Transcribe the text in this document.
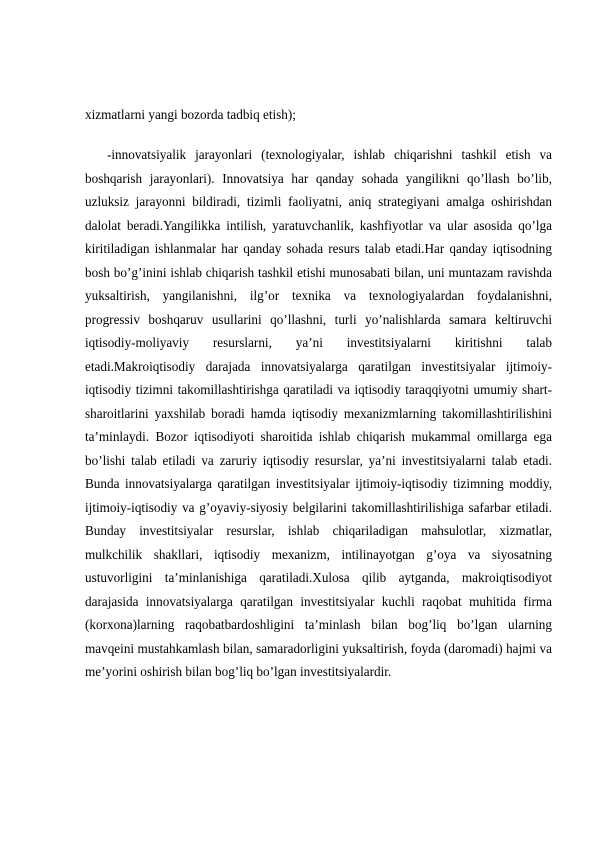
xizmatlarni yangi bozorda tadbiq etish);

-innovatsiyalik jarayonlari (texnologiyalar, ishlab chiqarishni tashkil etish va boshqarish jarayonlari). Innovatsiya har qanday sohada yangilikni qo’llash bo’lib, uzluksiz jarayonni bildiradi, tizimli faoliyatni, aniq strategiyani amalga oshirishdan dalolat beradi.Yangilikka intilish, yaratuvchanlik, kashfiyotlar va ular asosida qo’lga kiritiladigan ishlanmalar har qanday sohada resurs talab etadi.Har qanday iqtisodning bosh bo’g’inini ishlab chiqarish tashkil etishi munosabati bilan, uni muntazam ravishda yuksaltirish, yangilanishni, ilg’or texnika va texnologiyalardan foydalanishni, progressiv boshqaruv usullarini qo’llashni, turli yo’nalishlarda samara keltiruvchi iqtisodiy-moliyaviy resurslarni, ya’ni investitsiyalarni kiritishni talab etadi.Makroiqtisodiy darajada innovatsiyalarga qaratilgan investitsiyalar ijtimoiy-iqtisodiy tizimni takomillashtirishga qaratiladi va iqtisodiy taraqqiyotni umumiy shart-sharoitlarini yaxshilab boradi hamda iqtisodiy mexanizmlarning takomillashtirilishini ta’minlaydi. Bozor iqtisodiyoti sharoitida ishlab chiqarish mukammal omillarga ega bo’lishi talab etiladi va zaruriy iqtisodiy resurslar, ya’ni investitsiyalarni talab etadi. Bunda innovatsiyalarga qaratilgan investitsiyalar ijtimoiy-iqtisodiy tizimning moddiy, ijtimoiy-iqtisodiy va g’oyaviy-siyosiy belgilarini takomillashtirilishiga safarbar etiladi. Bunday investitsiyalar resurslar, ishlab chiqariladigan mahsulotlar, xizmatlar, mulkchilik shakllari, iqtisodiy mexanizm, intilinayotgan g’oya va siyosatning ustuvorligini ta’minlanishiga qaratiladi.Xulosa qilib aytganda, makroiqtisodiyot darajasida innovatsiyalarga qaratilgan investitsiyalar kuchli raqobat muhitida firma (korxona)larning raqobatbardoshligini ta’minlash bilan bog’liq bo’lgan ularning mavqeini mustahkamlash bilan, samaradorligini yuksaltirish, foyda (daromadi) hajmi va me’yorini oshirish bilan bog’liq bo’lgan investitsiyalardir.
